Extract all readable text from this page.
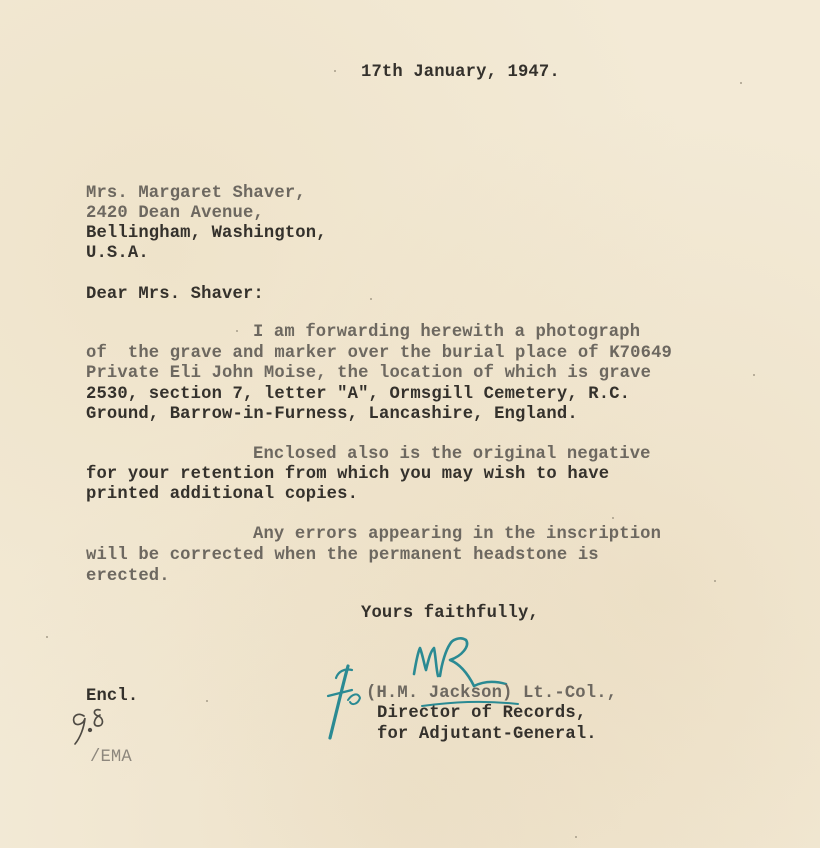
17th January, 1947.
Mrs. Margaret Shaver,
2420 Dean Avenue,
Bellingham, Washington,
U.S.A.
Dear Mrs. Shaver:
I am forwarding herewith a photograph
of  the grave and marker over the burial place of K70649
Private Eli John Moise, the location of which is grave
2530, section 7, letter "A", Ormsgill Cemetery, R.C.
Ground, Barrow-in-Furness, Lancashire, England.
Enclosed also is the original negative
for your retention from which you may wish to have
printed additional copies.
Any errors appearing in the inscription
will be corrected when the permanent headstone is
erected.
Yours faithfully,
(H.M. Jackson) Lt.-Col.,
Director of Records,
for Adjutant-General.
Encl.
/EMA
